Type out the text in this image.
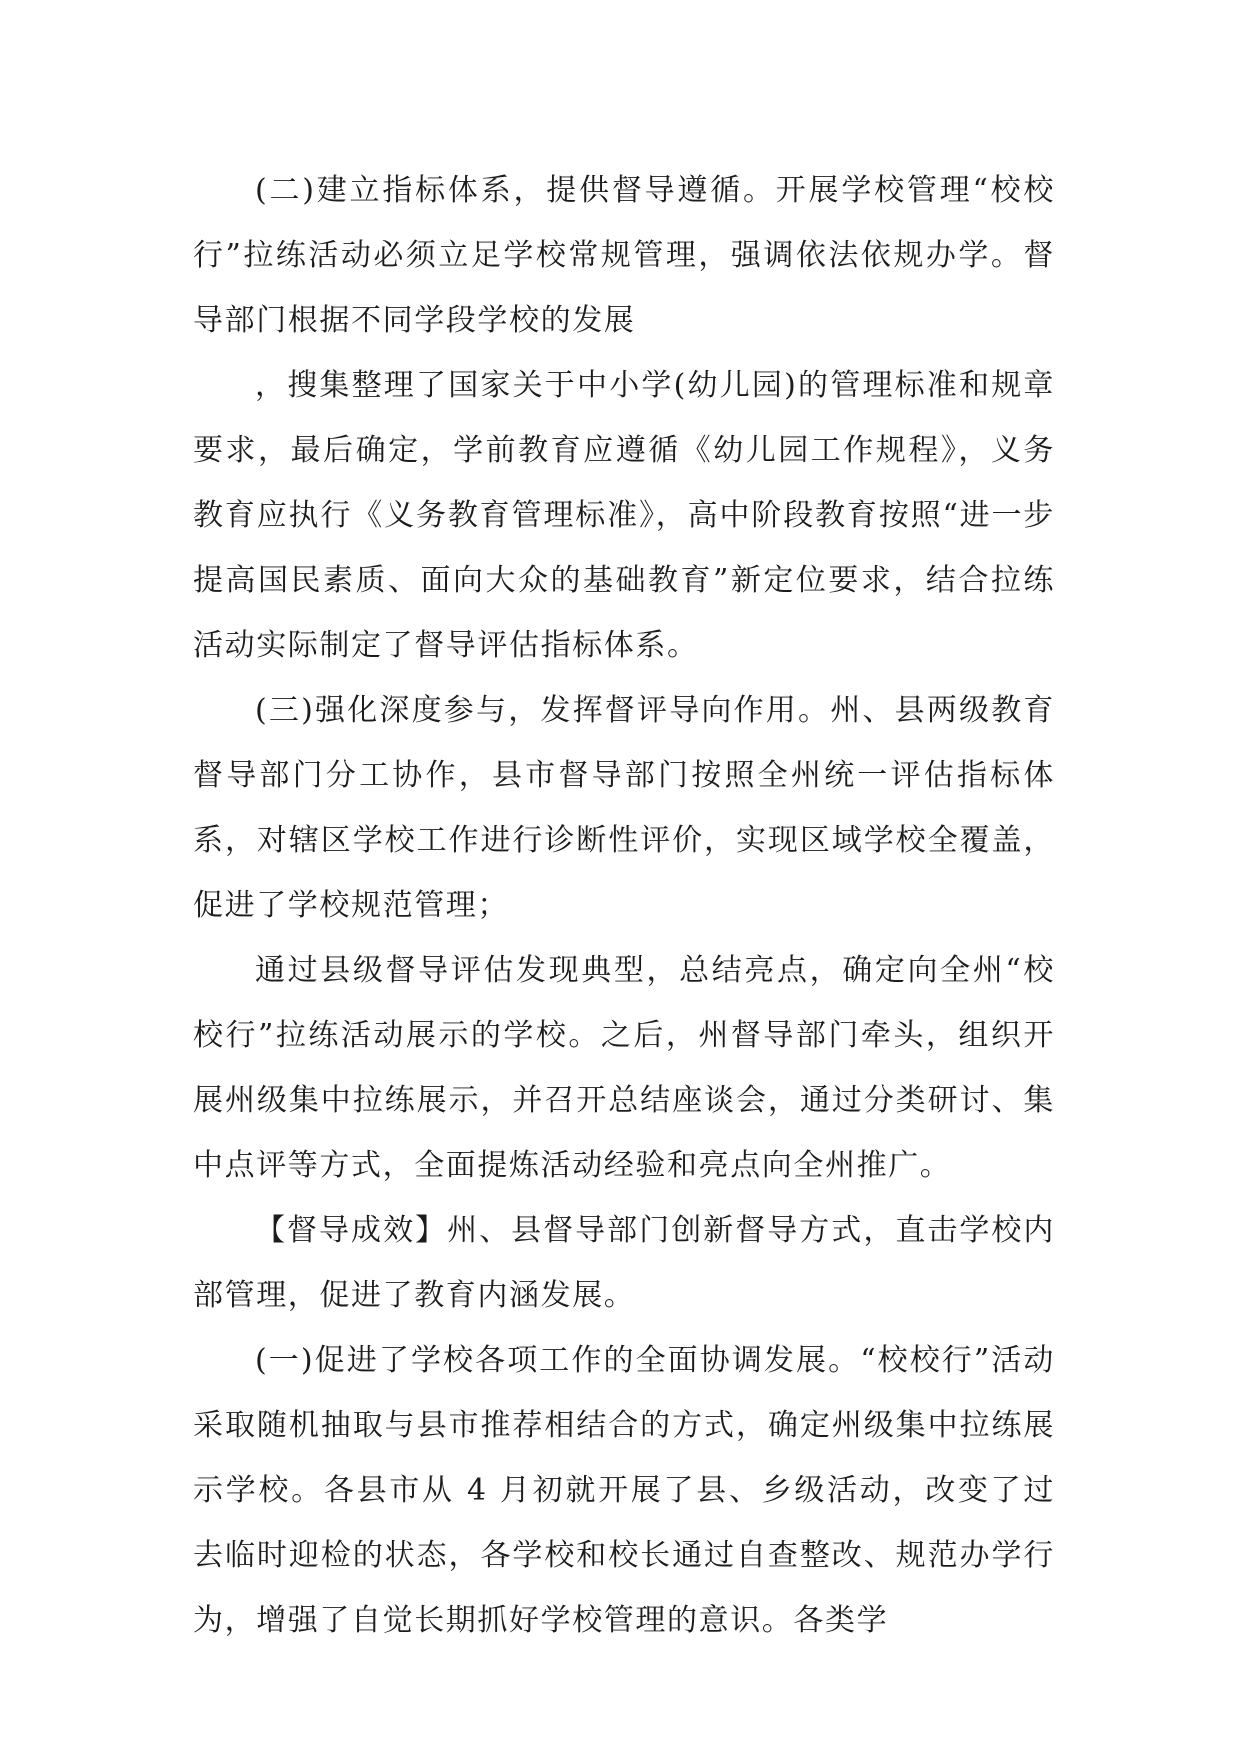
(二)建立指标体系，提供督导遵循。开展学校管理“校校行”拉练活动必须立足学校常规管理，强调依法依规办学。督导部门根据不同学段学校的发展

，搜集整理了国家关于中小学(幼儿园)的管理标准和规章要求，最后确定，学前教育应遵循《幼儿园工作规程》，义务教育应执行《义务教育管理标准》，高中阶段教育按照“进一步提高国民素质、面向大众的基础教育”新定位要求，结合拉练活动实际制定了督导评估指标体系。

(三)强化深度参与，发挥督评导向作用。州、县两级教育督导部门分工协作，县市督导部门按照全州统一评估指标体系，对辖区学校工作进行诊断性评价，实现区域学校全覆盖，促进了学校规范管理；

通过县级督导评估发现典型，总结亮点，确定向全州“校校行”拉练活动展示的学校。之后，州督导部门牵头，组织开展州级集中拉练展示，并召开总结座谈会，通过分类研讨、集中点评等方式，全面提炼活动经验和亮点向全州推广。

【督导成效】州、县督导部门创新督导方式，直击学校内部管理，促进了教育内涵发展。

(一)促进了学校各项工作的全面协调发展。“校校行”活动采取随机抽取与县市推荐相结合的方式，确定州级集中拉练展示学校。各县市从 4 月初就开展了县、乡级活动，改变了过去临时迎检的状态，各学校和校长通过自查整改、规范办学行为，增强了自觉长期抓好学校管理的意识。各类学
